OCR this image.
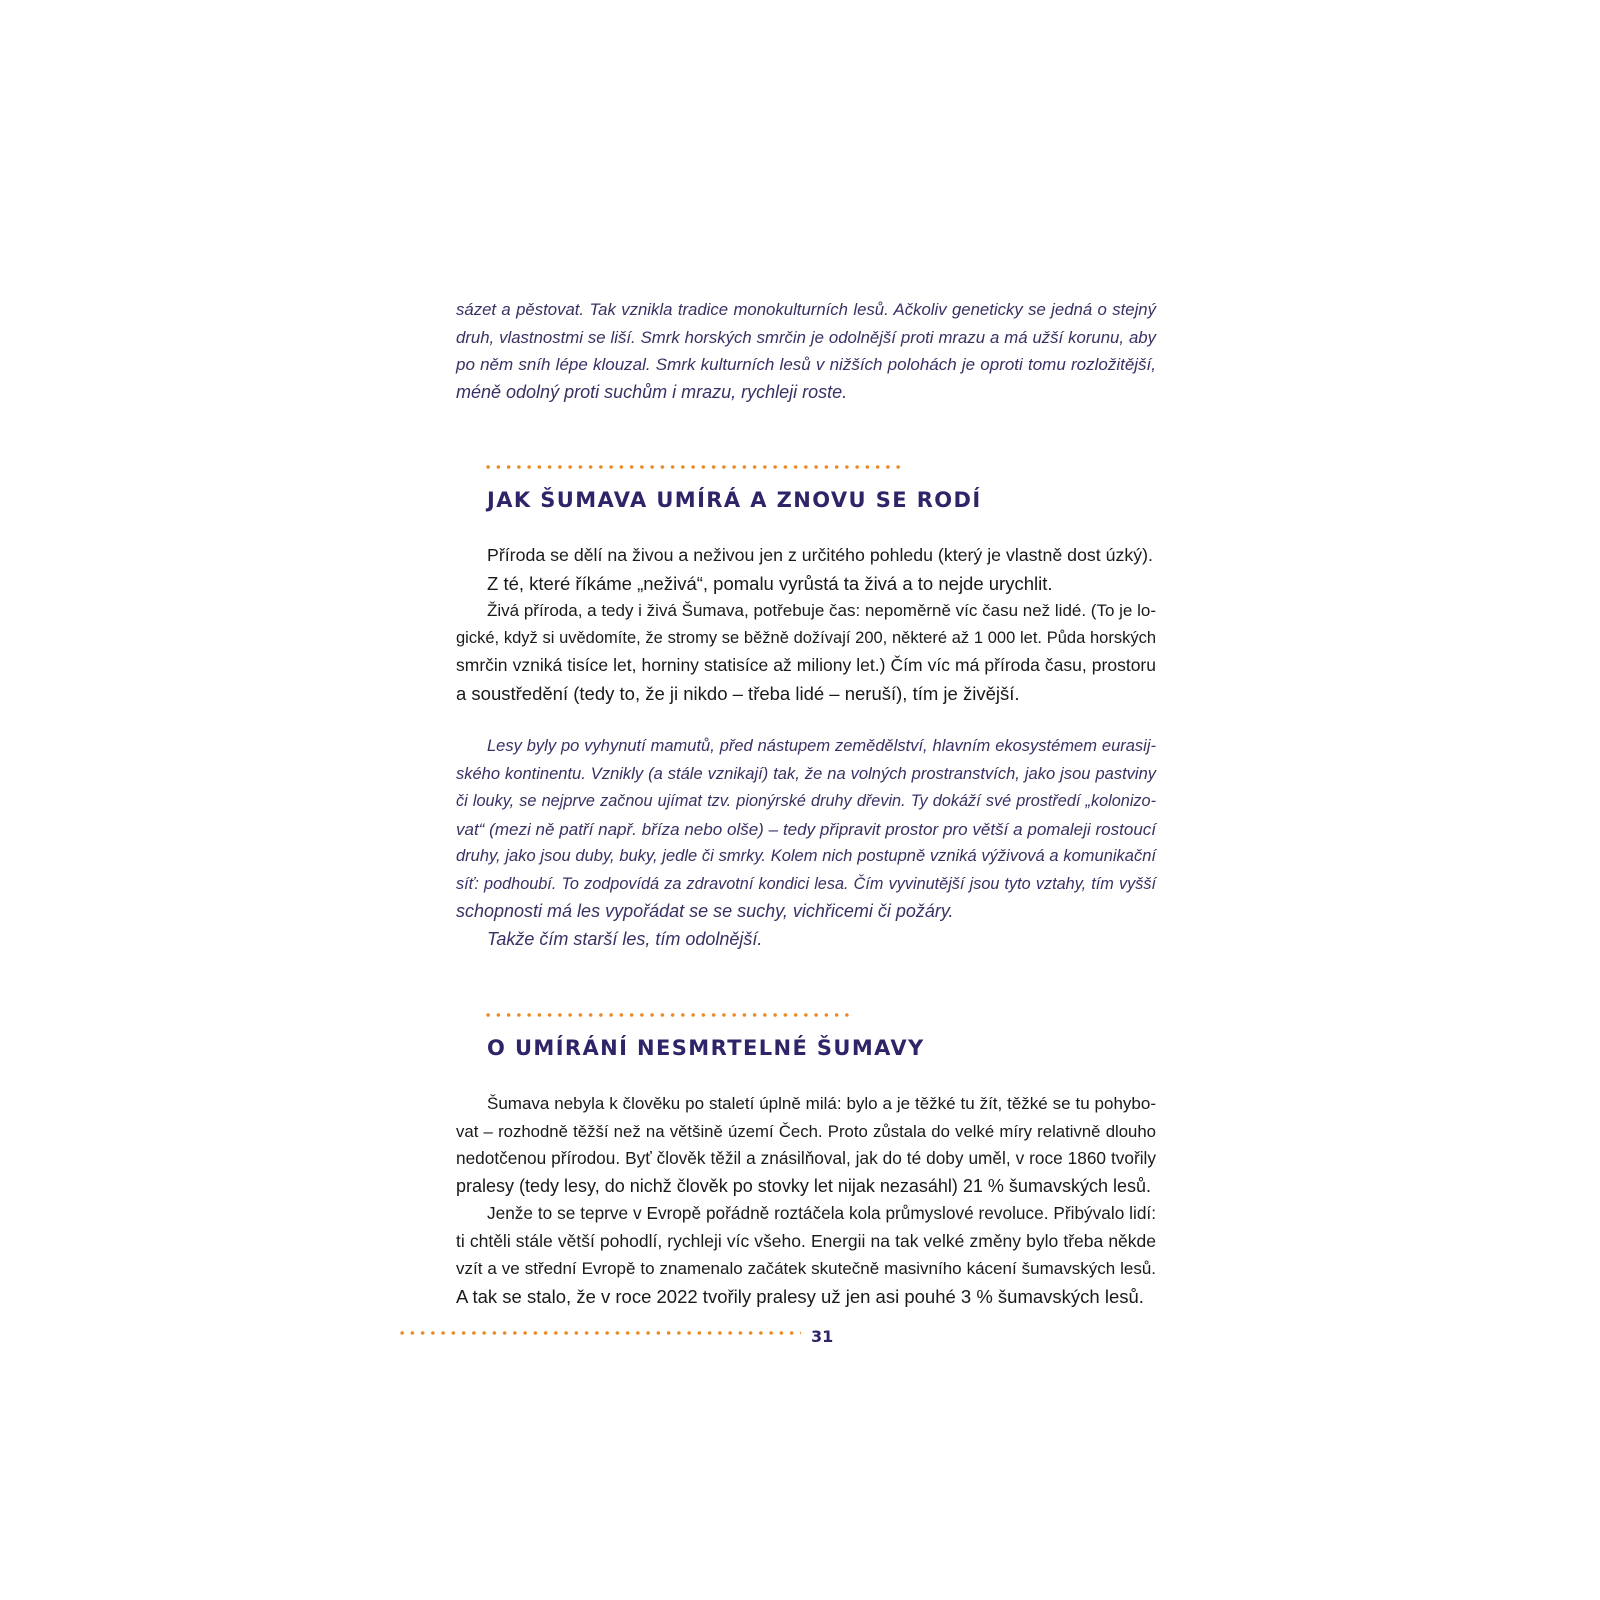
sázet a pěstovat. Tak vznikla tradice monokulturních lesů. Ačkoliv geneticky se jedná o stejný
druh, vlastnostmi se liší. Smrk horských smrčin je odolnější proti mrazu a má užší korunu, aby
po něm sníh lépe klouzal. Smrk kulturních lesů v nižších polohách je oproti tomu rozložitější,
méně odolný proti suchům i mrazu, rychleji roste.
JAK ŠUMAVA UMÍRÁ A ZNOVU SE RODÍ
Příroda se dělí na živou a neživou jen z určitého pohledu (který je vlastně dost úzký).
Z té, které říkáme „neživá“, pomalu vyrůstá ta živá a to nejde urychlit.
Živá příroda, a tedy i živá Šumava, potřebuje čas: nepoměrně víc času než lidé. (To je lo-
gické, když si uvědomíte, že stromy se běžně dožívají 200, některé až 1 000 let. Půda horských
smrčin vzniká tisíce let, horniny statisíce až miliony let.) Čím víc má příroda času, prostoru
a soustředění (tedy to, že ji nikdo – třeba lidé – neruší), tím je živější.
Lesy byly po vyhynutí mamutů, před nástupem zemědělství, hlavním ekosystémem eurasij-
ského kontinentu. Vznikly (a stále vznikají) tak, že na volných prostranstvích, jako jsou pastviny
či louky, se nejprve začnou ujímat tzv. pionýrské druhy dřevin. Ty dokáží své prostředí „kolonizo-
vat“ (mezi ně patří např. bříza nebo olše) – tedy připravit prostor pro větší a pomaleji rostoucí
druhy, jako jsou duby, buky, jedle či smrky. Kolem nich postupně vzniká výživová a komunikační
síť: podhoubí. To zodpovídá za zdravotní kondici lesa. Čím vyvinutější jsou tyto vztahy, tím vyšší
schopnosti má les vypořádat se se suchy, vichřicemi či požáry.
Takže čím starší les, tím odolnější.
O UMÍRÁNÍ NESMRTELNÉ ŠUMAVY
Šumava nebyla k člověku po staletí úplně milá: bylo a je těžké tu žít, těžké se tu pohybo-
vat – rozhodně těžší než na většině území Čech. Proto zůstala do velké míry relativně dlouho
nedotčenou přírodou. Byť člověk těžil a znásilňoval, jak do té doby uměl, v roce 1860 tvořily
pralesy (tedy lesy, do nichž člověk po stovky let nijak nezasáhl) 21 % šumavských lesů.
Jenže to se teprve v Evropě pořádně roztáčela kola průmyslové revoluce. Přibývalo lidí:
ti chtěli stále větší pohodlí, rychleji víc všeho. Energii na tak velké změny bylo třeba někde
vzít a ve střední Evropě to znamenalo začátek skutečně masivního kácení šumavských lesů.
A tak se stalo, že v roce 2022 tvořily pralesy už jen asi pouhé 3 % šumavských lesů.
31
